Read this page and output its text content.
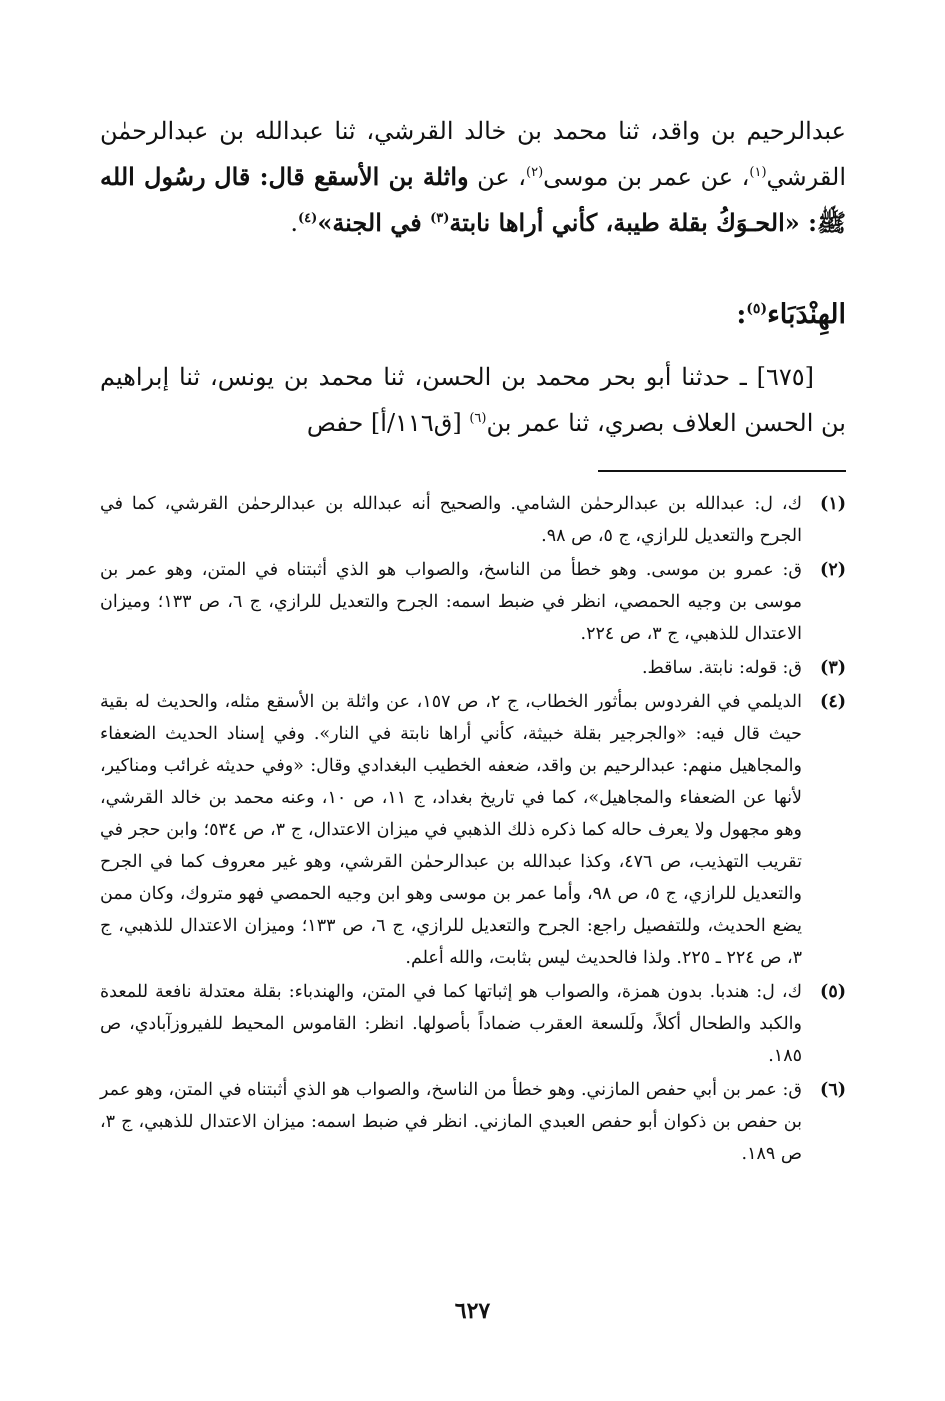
عبدالرحيم بن واقد، ثنا محمد بن خالد القرشي، ثنا عبدالله بن عبدالرحمٰن القرشي$^{(١)}$، عن عمر بن موسى$^{(٢)}$، عن واثلة بن الأسقع قال: قال رسُول الله ﷺ: «الحـوَكُ بقلة طيبة، كأني أراها نابتة$^{(٣)}$ في الجنة»$^{(٤)}$.

الهِنْدَبَاء$^{(٥)}$:

[٦٧٥] ـ حدثنا أبو بحر محمد بن الحسن، ثنا محمد بن يونس، ثنا إبراهيم بن الحسن العلاف بصري، ثنا عمر بن$^{(٦)}$ [ق١١٦/أ] حفص

(١)
ك، ل: عبدالله بن عبدالرحمٰن الشامي. والصحيح أنه عبدالله بن عبدالرحمٰن القرشي، كما في الجرح والتعديل للرازي، ج ٥، ص ٩٨.
(٢)
ق: عمرو بن موسى. وهو خطأ من الناسخ، والصواب هو الذي أثبتناه في المتن، وهو عمر بن موسى بن وجيه الحمصي، انظر في ضبط اسمه: الجرح والتعديل للرازي، ج ٦، ص ١٣٣؛ وميزان الاعتدال للذهبي، ج ٣، ص ٢٢٤.
(٣)
ق: قوله: نابتة. ساقط.
(٤)
الديلمي في الفردوس بمأثور الخطاب، ج ٢، ص ١٥٧، عن واثلة بن الأسقع مثله، والحديث له بقية حيث قال فيه: «والجرجير بقلة خبيثة، كأني أراها نابتة في النار». وفي إسناد الحديث الضعفاء والمجاهيل منهم: عبدالرحيم بن واقد، ضعفه الخطيب البغدادي وقال: «وفي حديثه غرائب ومناكير، لأنها عن الضعفاء والمجاهيل»، كما في تاريخ بغداد، ج ١١، ص ١٠، وعنه محمد بن خالد القرشي، وهو مجهول ولا يعرف حاله كما ذكره ذلك الذهبي في ميزان الاعتدال، ج ٣، ص ٥٣٤؛ وابن حجر في تقريب التهذيب، ص ٤٧٦، وكذا عبدالله بن عبدالرحمٰن القرشي، وهو غير معروف كما في الجرح والتعديل للرازي، ج ٥، ص ٩٨، وأما عمر بن موسى وهو ابن وجيه الحمصي فهو متروك، وكان ممن يضع الحديث، وللتفصيل راجع: الجرح والتعديل للرازي، ج ٦، ص ١٣٣؛ وميزان الاعتدال للذهبي، ج ٣، ص ٢٢٤ ـ ٢٢٥. ولذا فالحديث ليس بثابت، والله أعلم.
(٥)
ك، ل: هندبا. بدون همزة، والصواب هو إثباتها كما في المتن، والهندباء: بقلة معتدلة نافعة للمعدة والكبد والطحال أكلاً، ولَلسعة العقرب ضماداً بأصولها. انظر: القاموس المحيط للفيروزآبادي، ص ١٨٥.
(٦)
ق: عمر بن أبي حفص المازني. وهو خطأ من الناسخ، والصواب هو الذي أثبتناه في المتن، وهو عمر بن حفص بن ذكوان أبو حفص العبدي المازني. انظر في ضبط اسمه: ميزان الاعتدال للذهبي، ج ٣، ص ١٨٩.
٦٢٧
